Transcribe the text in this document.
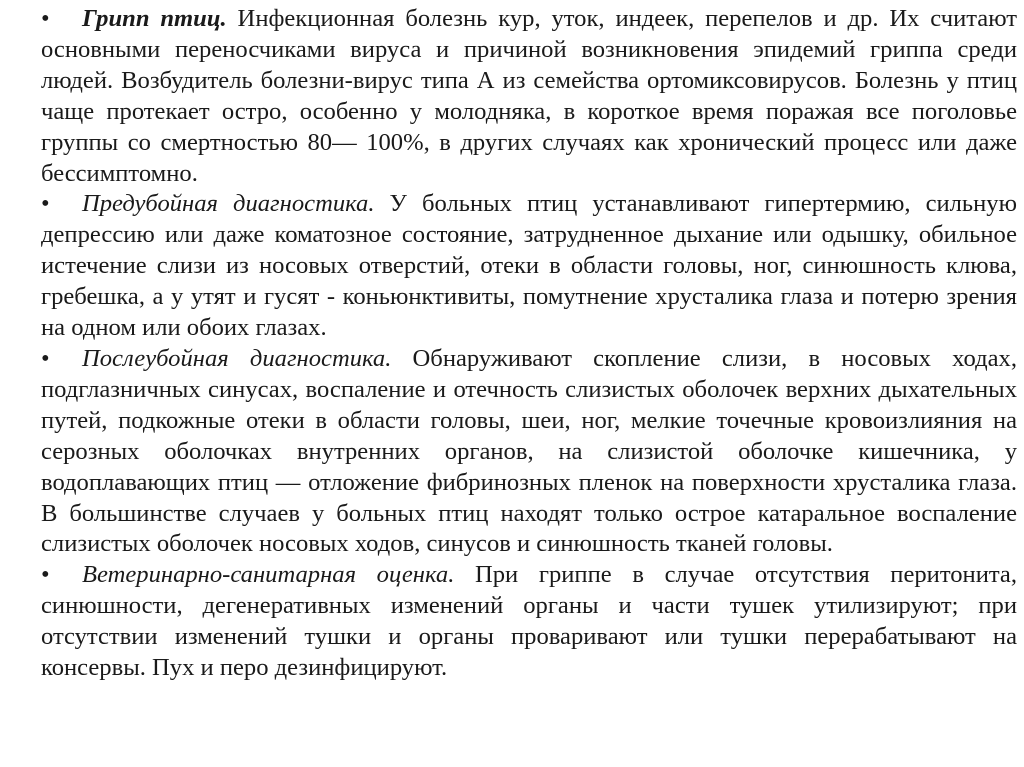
• Грипп птиц. Инфекционная болезнь кур, уток, индеек, перепелов и др. Их считают основными переносчиками вируса и причиной возникновения эпидемий гриппа среди людей. Возбудитель болезни-вирус типа А из семейства ортомиксовирусов. Болезнь у птиц чаще протекает остро, особенно у молодняка, в короткое время поражая все поголовье группы со смертностью 80— 100%, в других случаях как хронический процесс или даже бессимптомно.

• Предубойная диагностика. У больных птиц устанавливают гипертермию, сильную депрессию или даже коматозное состояние, затрудненное дыхание или одышку, обильное истечение слизи из носовых отверстий, отеки в области головы, ног, синюшность клюва, гребешка, а у утят и гусят - коньюнктивиты, помутнение хрусталика глаза и потерю зрения на одном или обоих глазах.

• Послеубойная диагностика. Обнаруживают скопление слизи, в носовых ходах, подглазничных синусах, воспаление и отечность слизистых оболочек верхних дыхательных путей, подкожные отеки в области головы, шеи, ног, мелкие точечные кровоизлияния на серозных оболочках внутренних органов, на слизистой оболочке кишечника, у водоплавающих птиц — отложение фибринозных пленок на поверхности хрусталика глаза. В большинстве случаев у больных птиц находят только острое катаральное воспаление слизистых оболочек носовых ходов, синусов и синюшность тканей головы.

• Ветеринарно-санитарная оценка. При гриппе в случае отсутствия перитонита, синюшности, дегенеративных изменений органы и части тушек утилизируют; при отсутствии изменений тушки и органы проваривают или тушки перерабатывают на консервы. Пух и перо дезинфицируют.
